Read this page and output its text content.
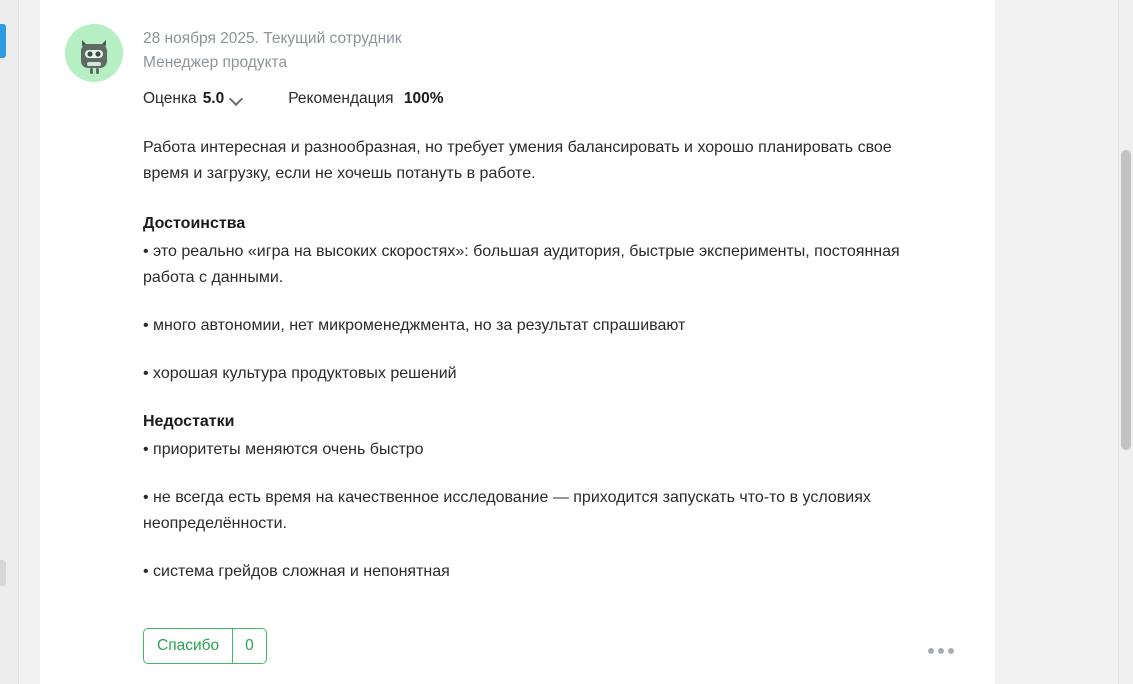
28 ноября 2025. Текущий сотрудник
Менеджер продукта
Оценка 5.0	Рекомендация 100%

Работа интересная и разнообразная, но требует умения балансировать и хорошо планировать свое время и загрузку, если не хочешь потануть в работе.

Достоинства

• это реально «игра на высоких скоростях»: большая аудитория, быстрые эксперименты, постоянная работа с данными.

• много автономии, нет микроменеджмента, но за результат спрашивают

• хорошая культура продуктовых решений

Недостатки

• приоритеты меняются очень быстро

• не всегда есть время на качественное исследование — приходится запускать что-то в условиях неопределённости.

• система грейдов сложная и непонятная

Спасибо	0
